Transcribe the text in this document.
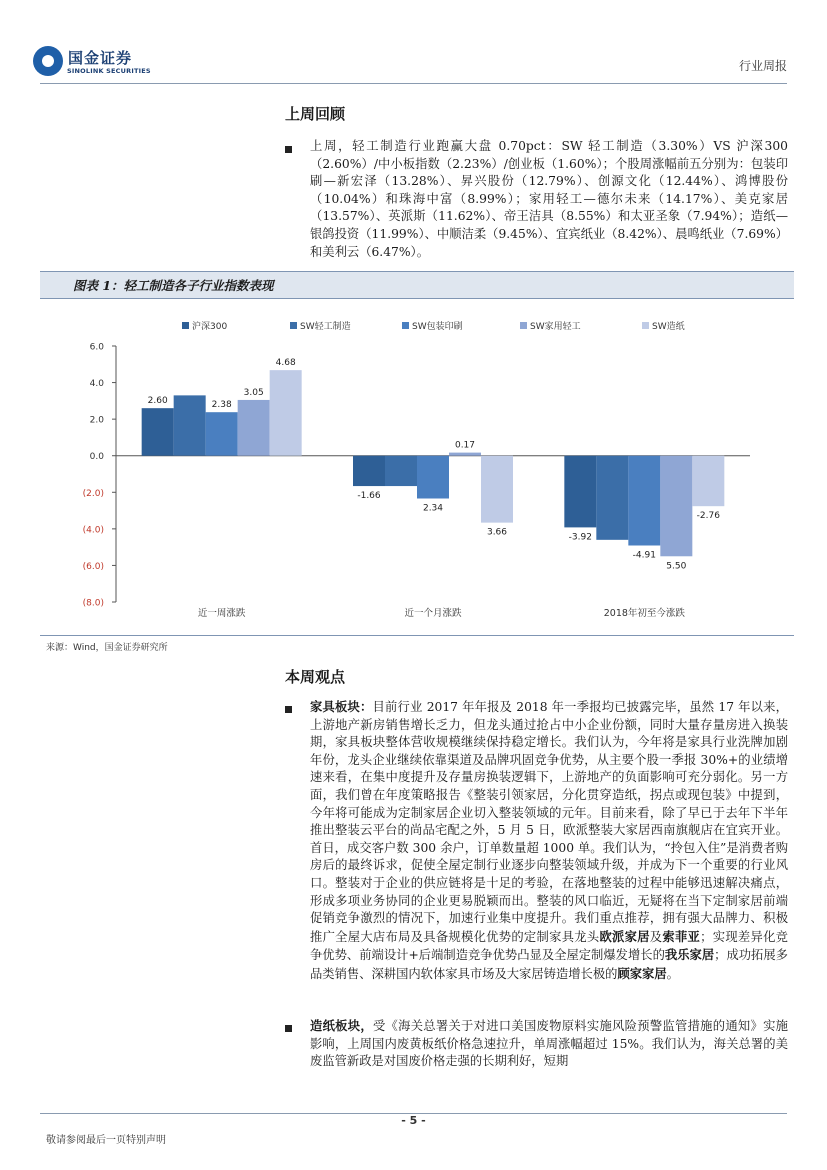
国金证券
SINOLINK SECURITIES	行业周报
上周回顾
上周，轻工制造行业跑赢大盘 0.70pct：SW 轻工制造（3.30%）VS 沪深300（2.60%）/中小板指数（2.23%）/创业板（1.60%）；个股周涨幅前五分别为：包装印刷—新宏泽（13.28%）、昇兴股份（12.79%）、创源文化（12.44%）、鸿博股份（10.04%）和珠海中富（8.99%）；家用轻工—德尔未来（14.17%）、美克家居（13.57%）、英派斯（11.62%）、帝王洁具（8.55%）和太亚圣象（7.94%）；造纸—银鸽投资（11.99%）、中顺洁柔（9.45%）、宜宾纸业（8.42%）、晨鸣纸业（7.69%）和美利云（6.47%）。
图表 1：轻工制造各子行业指数表现
6.0
4.0
2.0
0.0
(2.0)
(4.0)
(6.0)
(8.0)
沪深300	SW轻工制造	SW包装印刷	SW家用轻工	SW造纸
2.60	2.38
3.05
4.68
近一周涨跌
-1.66
2.34
0.17
3.66
近一个月涨跌
-3.92
-4.91
5.50
-2.76
2018年初至今涨跌
来源：Wind，国金证券研究所
本周观点
家具板块：目前行业 2017 年年报及 2018 年一季报均已披露完毕，虽然 17 年以来，上游地产新房销售增长乏力，但龙头通过抢占中小企业份额，同时大量存量房进入换装期，家具板块整体营收规模继续保持稳定增长。我们认为，今年将是家具行业洗牌加剧年份，龙头企业继续依靠渠道及品牌巩固竞争优势，从主要个股一季报 30%+的业绩增速来看，在集中度提升及存量房换装逻辑下，上游地产的负面影响可充分弱化。另一方面，我们曾在年度策略报告《整装引领家居，分化贯穿造纸，拐点或现包装》中提到，今年将可能成为定制家居企业切入整装领域的元年。目前来看，除了早已于去年下半年推出整装云平台的尚品宅配之外，5 月 5 日，欧派整装大家居西南旗舰店在宜宾开业。首日，成交客户数 300 余户，订单数量超 1000 单。我们认为，“拎包入住”是消费者购房后的最终诉求，促使全屋定制行业逐步向整装领域升级，并成为下一个重要的行业风口。整装对于企业的供应链将是十足的考验，在落地整装的过程中能够迅速解决痛点，形成多项业务协同的企业更易脱颖而出。整装的风口临近，无疑将在当下定制家居前端促销竞争激烈的情况下，加速行业集中度提升。我们重点推荐，拥有强大品牌力、积极推广全屋大店布局及具备规模化优势的定制家具龙头欧派家居及索菲亚；实现差异化竞争优势、前端设计+后端制造竞争优势凸显及全屋定制爆发增长的我乐家居；成功拓展多品类销售、深耕国内软体家具市场及大家居铸造增长极的顾家家居。
造纸板块，受《海关总署关于对进口美国废物原料实施风险预警监管措施的通知》实施影响，上周国内废黄板纸价格急速拉升，单周涨幅超过 15%。我们认为，海关总署的美废监管新政是对国废价格走强的长期利好，短期
- 5 -
敬请参阅最后一页特别声明
